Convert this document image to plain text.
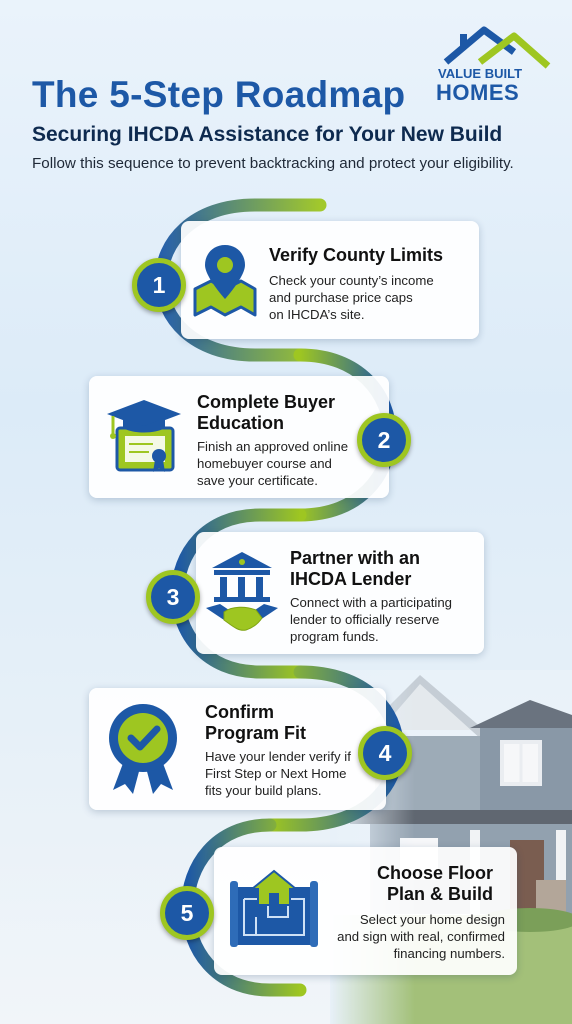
The 5-Step Roadmap
Securing IHCDA Assistance for Your New Build
Follow this sequence to prevent backtracking and protect your eligibility.
VALUE BUILT
HOMES
Verify County Limits
Check your county’s income
and purchase price caps
on IHCDA’s site.
1
Complete Buyer
Education
Finish an approved online
homebuyer course and
save your certificate.
2
Partner with an
IHCDA Lender
Connect with a participating
lender to officially reserve
program funds.
3
Confirm
Program Fit
Have your lender verify if
First Step or Next Home
fits your build plans.
4
Choose Floor
Plan & Build
Select your home design
and sign with real, confirmed
financing numbers.
5
